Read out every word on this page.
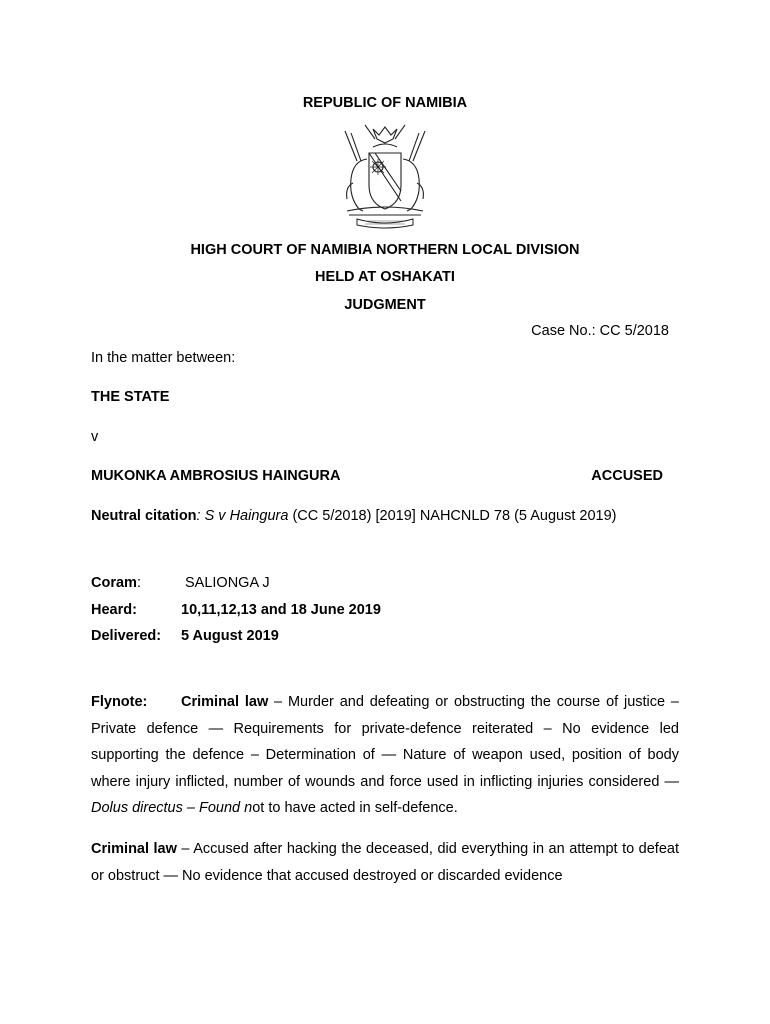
REPUBLIC OF NAMIBIA
HIGH COURT OF NAMIBIA NORTHERN LOCAL DIVISION
HELD AT OSHAKATI
JUDGMENT
Case No.: CC 5/2018
In the matter between:
THE STATE
v
MUKONKA AMBROSIUS HAINGURA	ACCUSED
Neutral citation: S v Haingura (CC 5/2018) [2019] NAHCNLD 78 (5 August 2019)
Coram:	SALIONGA J
Heard:	10,11,12,13 and 18 June 2019
Delivered: 5 August 2019

Flynote: Criminal law – Murder and defeating or obstructing the course of justice – Private defence — Requirements for private-defence reiterated – No evidence led supporting the defence – Determination of — Nature of weapon used, position of body where injury inflicted, number of wounds and force used in inflicting injuries considered — Dolus directus – Found not to have acted in self-defence.

Criminal law – Accused after hacking the deceased, did everything in an attempt to defeat or obstruct — No evidence that accused destroyed or discarded evidence
